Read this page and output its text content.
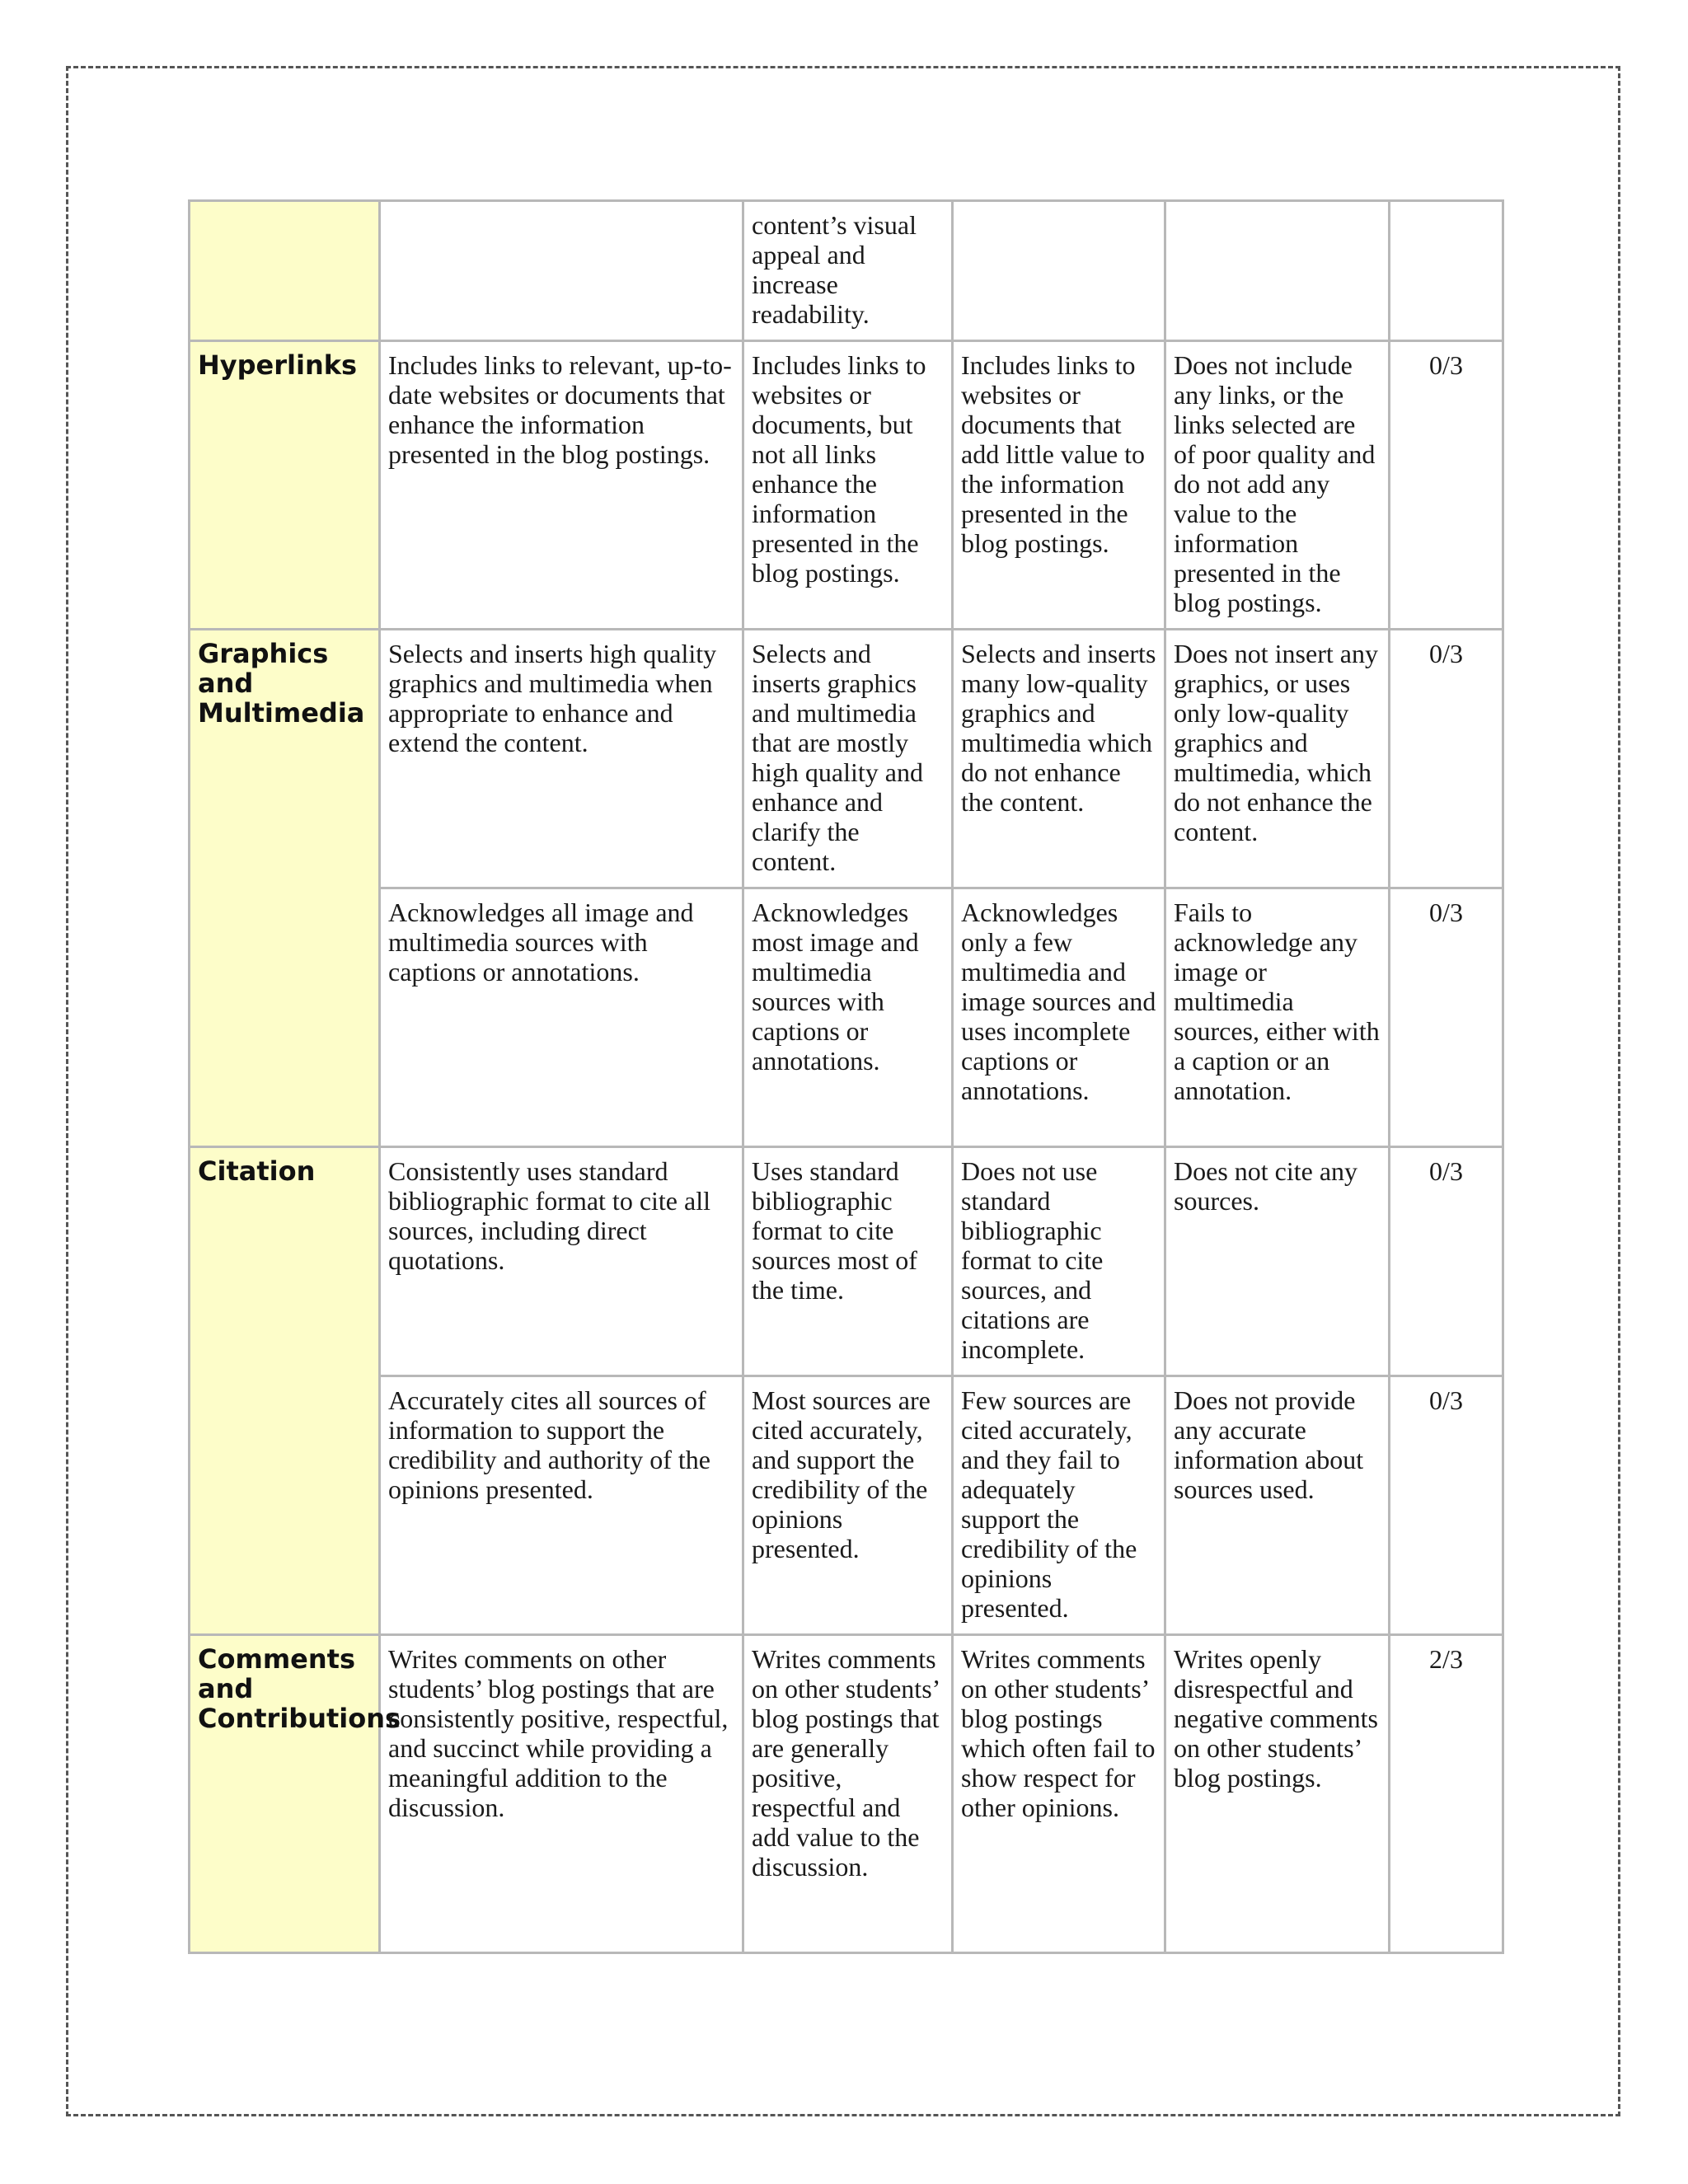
		content’s visual appeal and increase readability.			
Hyperlinks	Includes links to relevant, up-to-date websites or documents that enhance the information presented in the blog postings.	Includes links to websites or documents, but not all links enhance the information presented in the blog postings.	Includes links to websites or documents that add little value to the information presented in the blog postings.	Does not include any links, or the links selected are of poor quality and do not add any value to the information presented in the blog postings.	0/3
Graphics and Multimedia	Selects and inserts high quality graphics and multimedia when appropriate to enhance and extend the content.	Selects and inserts graphics and multimedia that are mostly high quality and enhance and clarify the content.	Selects and inserts many low-quality graphics and multimedia which do not enhance the content.	Does not insert any graphics, or uses only low-quality graphics and multimedia, which do not enhance the content.	0/3
	Acknowledges all image and multimedia sources with captions or annotations.	Acknowledges most image and multimedia sources with captions or annotations.	Acknowledges only a few multimedia and image sources and uses incomplete captions or annotations.	Fails to acknowledge any image or multimedia sources, either with a caption or an annotation.	0/3
Citation	Consistently uses standard bibliographic format to cite all sources, including direct quotations.	Uses standard bibliographic format to cite sources most of the time.	Does not use standard bibliographic format to cite sources, and citations are incomplete.	Does not cite any sources.	0/3
	Accurately cites all sources of information to support the credibility and authority of the opinions presented.	Most sources are cited accurately, and support the credibility of the opinions presented.	Few sources are cited accurately, and they fail to adequately support the credibility of the opinions presented.	Does not provide any accurate information about sources used.	0/3
Comments and Contributions	Writes comments on other students’ blog postings that are consistently positive, respectful, and succinct while providing a meaningful addition to the discussion.	Writes comments on other students’ blog postings that are generally positive, respectful and add value to the discussion.	Writes comments on other students’ blog postings which often fail to show respect for other opinions.	Writes openly disrespectful and negative comments on other students’ blog postings.	2/3
